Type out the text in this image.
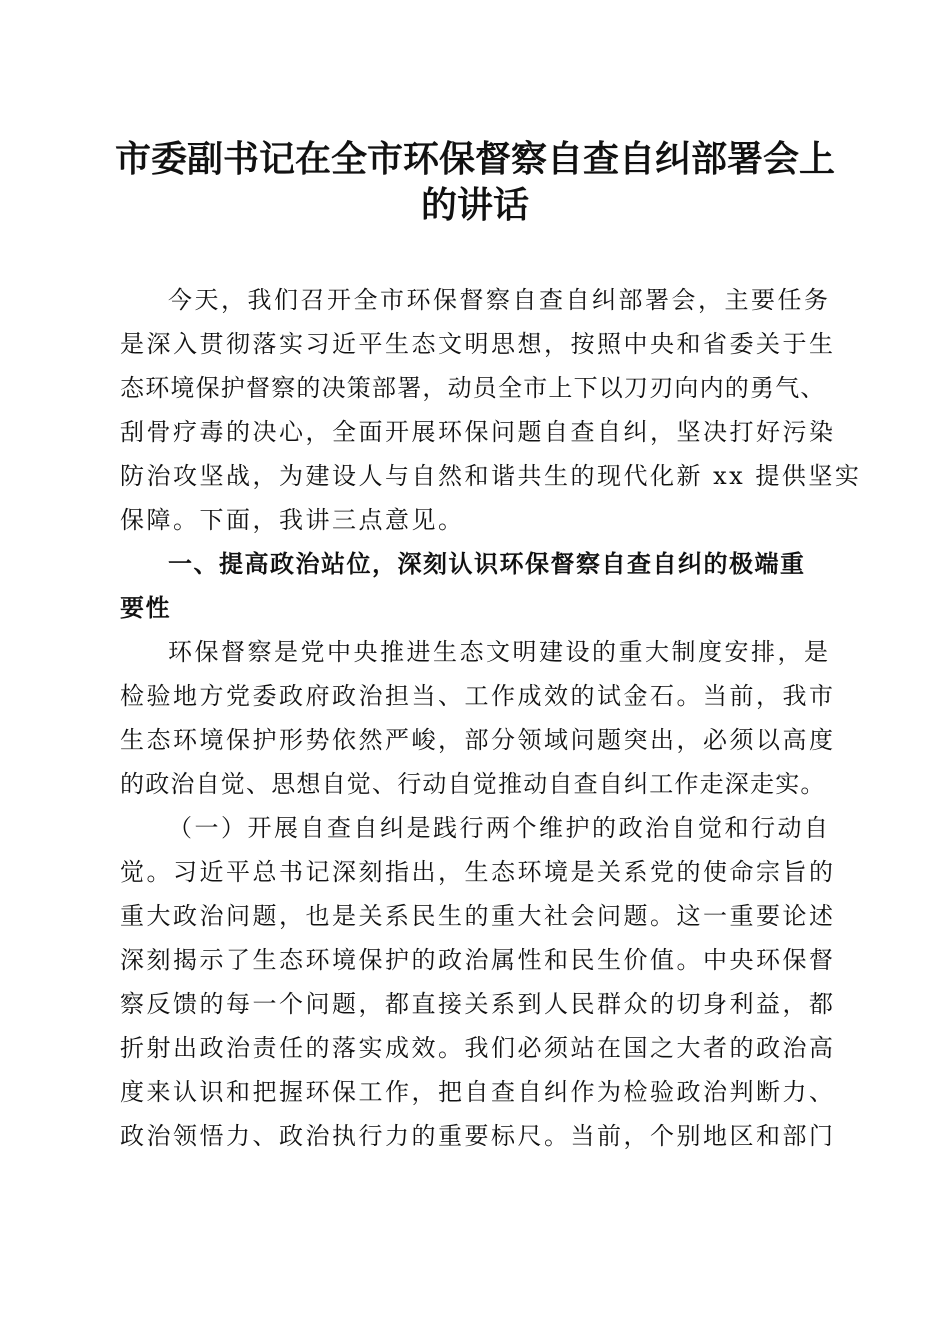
市委副书记在全市环保督察自查自纠部署会上
的讲话
今天，我们召开全市环保督察自查自纠部署会，主要任务
是深入贯彻落实习近平生态文明思想，按照中央和省委关于生
态环境保护督察的决策部署，动员全市上下以刀刃向内的勇气、
刮骨疗毒的决心，全面开展环保问题自查自纠，坚决打好污染
防治攻坚战，为建设人与自然和谐共生的现代化新 xx 提供坚实
保障。下面，我讲三点意见。
一、提高政治站位，深刻认识环保督察自查自纠的极端重
要性
环保督察是党中央推进生态文明建设的重大制度安排，是
检验地方党委政府政治担当、工作成效的试金石。当前，我市
生态环境保护形势依然严峻，部分领域问题突出，必须以高度
的政治自觉、思想自觉、行动自觉推动自查自纠工作走深走实。
（一）开展自查自纠是践行两个维护的政治自觉和行动自
觉。习近平总书记深刻指出，生态环境是关系党的使命宗旨的
重大政治问题，也是关系民生的重大社会问题。这一重要论述
深刻揭示了生态环境保护的政治属性和民生价值。中央环保督
察反馈的每一个问题，都直接关系到人民群众的切身利益，都
折射出政治责任的落实成效。我们必须站在国之大者的政治高
度来认识和把握环保工作，把自查自纠作为检验政治判断力、
政治领悟力、政治执行力的重要标尺。当前，个别地区和部门
